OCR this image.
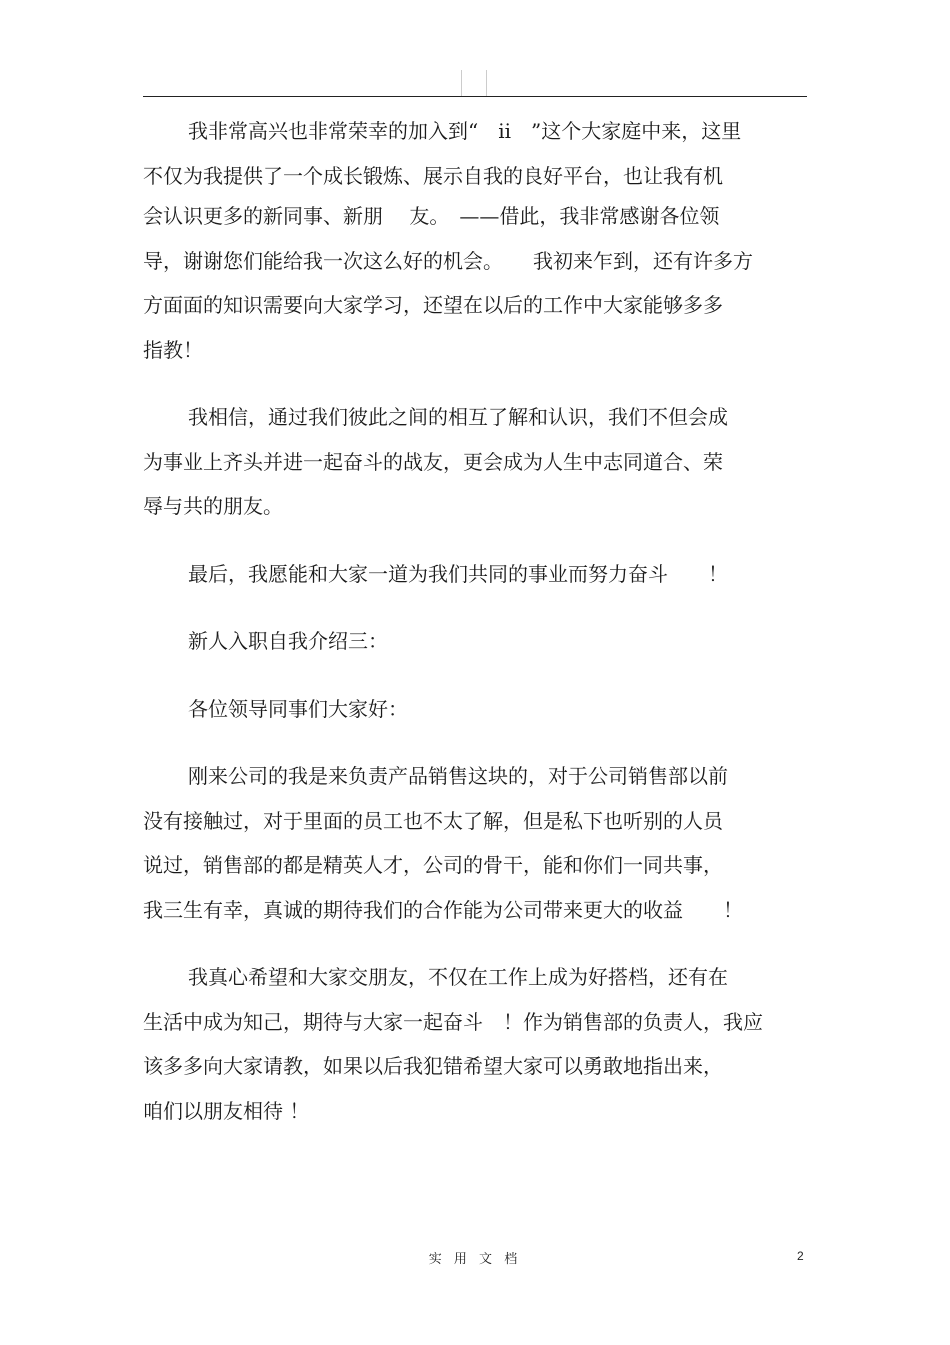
我非常高兴也非常荣幸的加入到“　ii　”这个大家庭中来，这里
不仅为我提供了一个成长锻炼、展示自我的良好平台，也让我有机
会认识更多的新同事、新朋　 友。　——借此，我非常感谢各位领
导，谢谢您们能给我一次这么好的机会。　　我初来乍到，还有许多方
方面面的知识需要向大家学习，还望在以后的工作中大家能够多多
指教！
我相信，通过我们彼此之间的相互了解和认识，我们不但会成
为事业上齐头并进一起奋斗的战友，更会成为人生中志同道合、荣
辱与共的朋友。
最后，我愿能和大家一道为我们共同的事业而努力奋斗　　！
新人入职自我介绍三：
各位领导同事们大家好：
刚来公司的我是来负责产品销售这块的，对于公司销售部以前
没有接触过，对于里面的员工也不太了解，但是私下也听别的人员
说过，销售部的都是精英人才，公司的骨干，能和你们一同共事，
我三生有幸，真诚的期待我们的合作能为公司带来更大的收益　　！
我真心希望和大家交朋友，不仅在工作上成为好搭档，还有在
生活中成为知己，期待与大家一起奋斗　！作为销售部的负责人，我应
该多多向大家请教，如果以后我犯错希望大家可以勇敢地指出来，
咱们以朋友相待 ！
实 用 文 档	2
